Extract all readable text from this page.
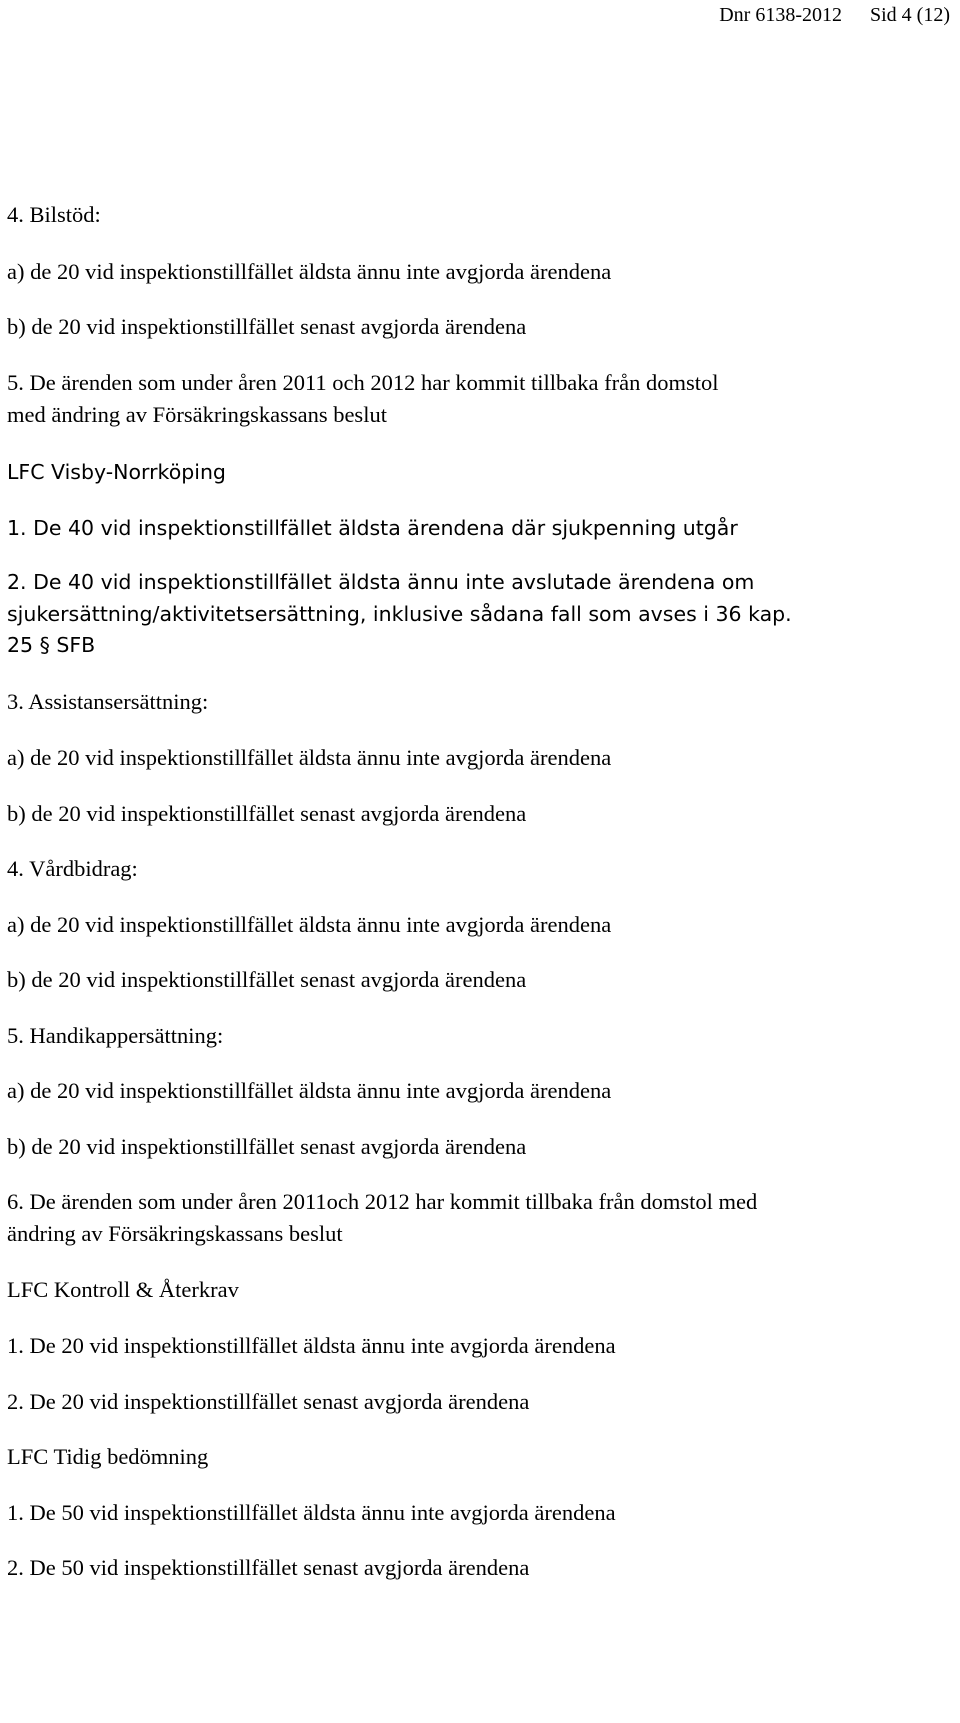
Dnr 6138-2012 Sid 4 (12)
4. Bilstöd:
a) de 20 vid inspektionstillfället äldsta ännu inte avgjorda ärendena
b) de 20 vid inspektionstillfället senast avgjorda ärendena
5. De ärenden som under åren 2011 och 2012 har kommit tillbaka från domstol
med ändring av Försäkringskassans beslut
LFC Visby-Norrköping
1. De 40 vid inspektionstillfället äldsta ärendena där sjukpenning utgår
2. De 40 vid inspektionstillfället äldsta ännu inte avslutade ärendena om
sjukersättning/aktivitetsersättning, inklusive sådana fall som avses i 36 kap.
25 § SFB
3. Assistansersättning:
a) de 20 vid inspektionstillfället äldsta ännu inte avgjorda ärendena
b) de 20 vid inspektionstillfället senast avgjorda ärendena
4. Vårdbidrag:
a) de 20 vid inspektionstillfället äldsta ännu inte avgjorda ärendena
b) de 20 vid inspektionstillfället senast avgjorda ärendena
5. Handikappersättning:
a) de 20 vid inspektionstillfället äldsta ännu inte avgjorda ärendena
b) de 20 vid inspektionstillfället senast avgjorda ärendena
6. De ärenden som under åren 2011och 2012 har kommit tillbaka från domstol med
ändring av Försäkringskassans beslut
LFC Kontroll & Återkrav
1. De 20 vid inspektionstillfället äldsta ännu inte avgjorda ärendena
2. De 20 vid inspektionstillfället senast avgjorda ärendena
LFC Tidig bedömning
1. De 50 vid inspektionstillfället äldsta ännu inte avgjorda ärendena
2. De 50 vid inspektionstillfället senast avgjorda ärendena
